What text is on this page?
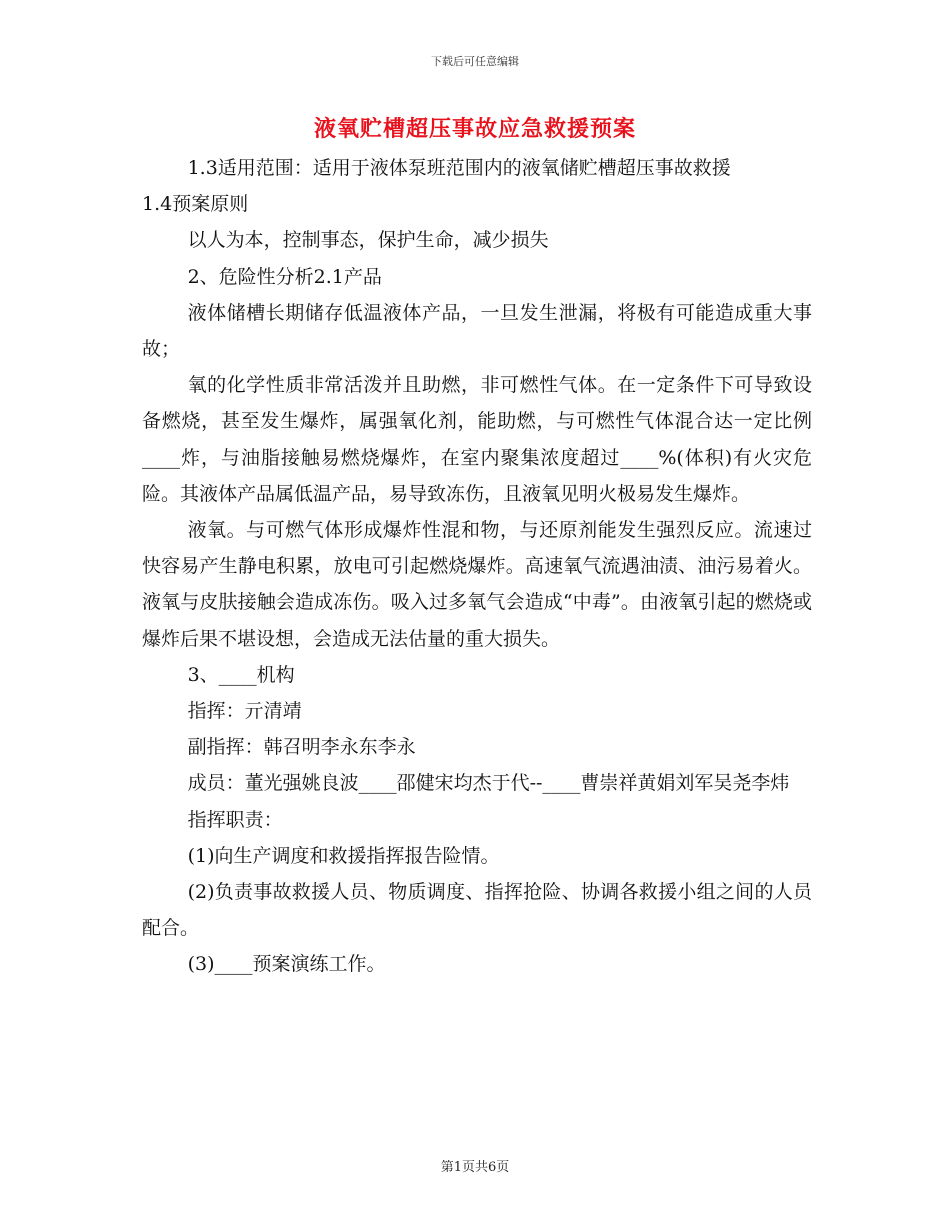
下载后可任意编辑
液氧贮槽超压事故应急救援预案

1.3适用范围：适用于液体泵班范围内的液氧储贮槽超压事故救援

1.4预案原则

以人为本，控制事态，保护生命，减少损失

2、危险性分析2.1产品

液体储槽长期储存低温液体产品，一旦发生泄漏，将极有可能造成重大事故；

氧的化学性质非常活泼并且助燃，非可燃性气体。在一定条件下可导致设备燃烧，甚至发生爆炸，属强氧化剂，能助燃，与可燃性气体混合达一定比例____炸，与油脂接触易燃烧爆炸，在室内聚集浓度超过____%(体积)有火灾危险。其液体产品属低温产品，易导致冻伤，且液氧见明火极易发生爆炸。

液氧。与可燃气体形成爆炸性混和物，与还原剂能发生强烈反应。流速过快容易产生静电积累，放电可引起燃烧爆炸。高速氧气流遇油渍、油污易着火。液氧与皮肤接触会造成冻伤。吸入过多氧气会造成“中毒”。由液氧引起的燃烧或爆炸后果不堪设想，会造成无法估量的重大损失。

3、____机构

指挥：亓清靖

副指挥：韩召明李永东李永

成员：董光强姚良波____邵健宋均杰于代--____曹崇祥黄娟刘军吴尧李炜

指挥职责：

(1)向生产调度和救援指挥报告险情。

(2)负责事故救援人员、物质调度、指挥抢险、协调各救援小组之间的人员配合。

(3)____预案演练工作。

第1页共6页
